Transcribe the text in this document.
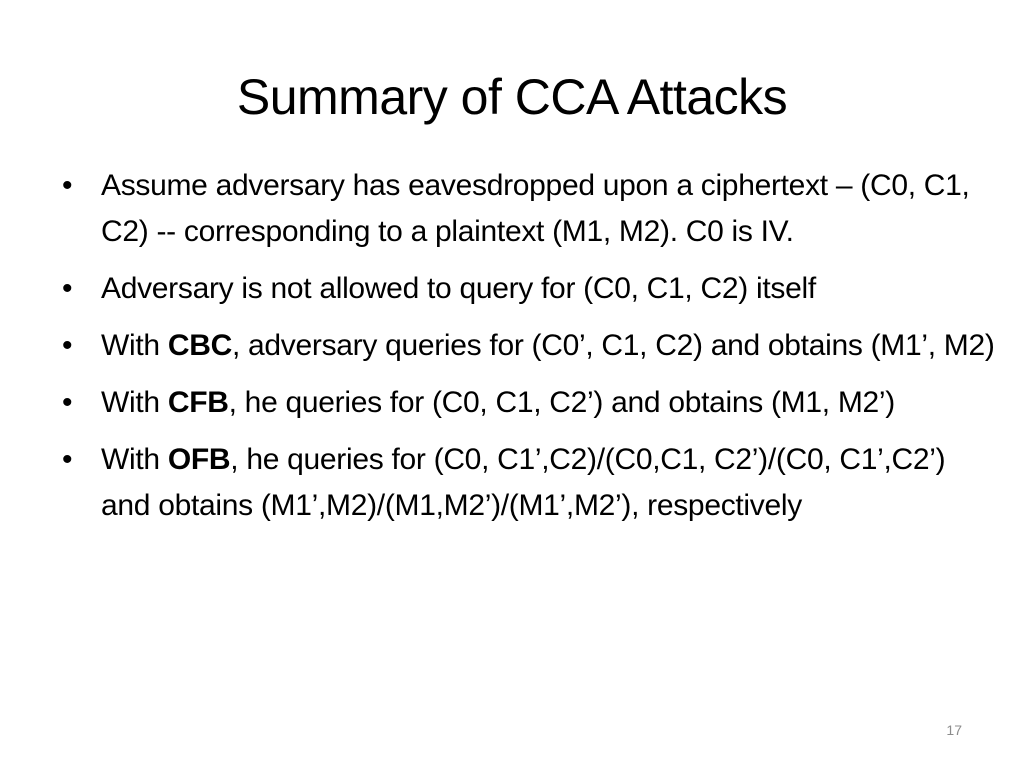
Summary of CCA Attacks
• Assume adversary has eavesdropped upon a ciphertext – (C0, C1, C2) -- corresponding to a plaintext (M1, M2). C0 is IV.
• Adversary is not allowed to query for (C0, C1, C2) itself
• With CBC, adversary queries for (C0’, C1, C2) and obtains (M1’, M2)
• With CFB, he queries for (C0, C1, C2’) and obtains (M1, M2’)
• With OFB, he queries for (C0, C1’,C2)/(C0,C1, C2’)/(C0, C1’,C2’) and obtains (M1’,M2)/(M1,M2’)/(M1’,M2’), respectively
17
